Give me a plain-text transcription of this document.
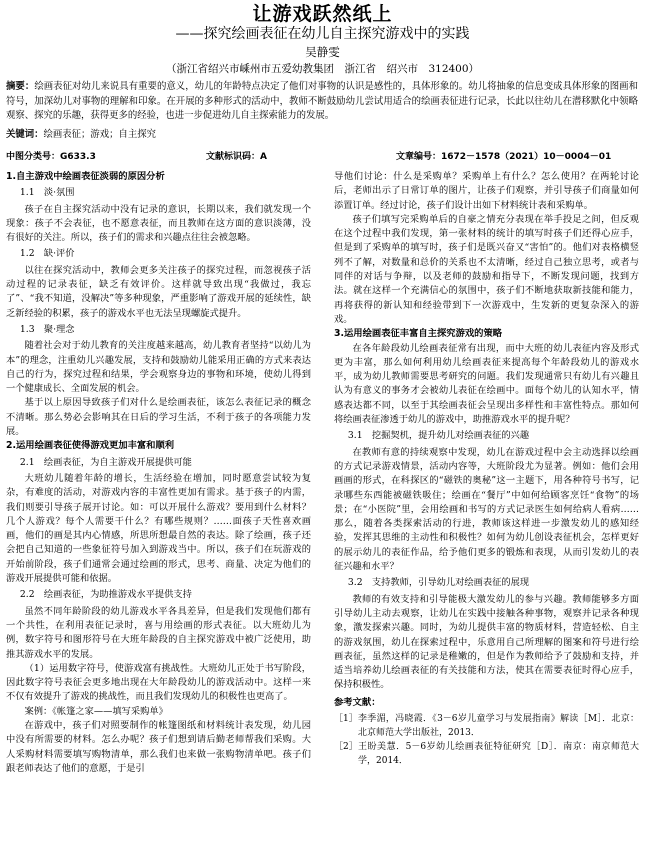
让游戏跃然纸上
——探究绘画表征在幼儿自主探究游戏中的实践
吴静雯
（浙江省绍兴市嵊州市五爱幼教集团　浙江省　绍兴市　312400）
摘要：绘画表征对幼儿来说具有重要的意义，幼儿的年龄特点决定了他们对事物的认识是感性的，具体形象的。幼儿将抽象的信息变成具体形象的图画和符号，加深幼儿对事物的理解和印象。在开展的多种形式的活动中，教师不断鼓励幼儿尝试用适合的绘画表征进行记录，长此以往幼儿在潜移默化中领略观察、探究的乐趣，获得更多的经验，也进一步促进幼儿自主探索能力的发展。
关键词：绘画表征；游戏；自主探究
中图分类号：G633.3	文献标识码：A	文章编号：1672－1578（2021）10－0004－01

1.自主游戏中绘画表征淡弱的原因分析

1.1　淡·氛围

孩子在自主探究活动中没有记录的意识，长期以来，我们就发现一个现象：孩子不会表征，也不愿意表征，而且教师在这方面的意识淡薄，没有很好的关注。所以，孩子们的需求和兴趣点往往会被忽略。

1.2　缺·评价

以往在探究活动中，教师会更多关注孩子的探究过程，而忽视孩子活动过程的记录表征，缺乏有效评价。这样就导致出现“我做过，我忘了”、“我不知道，没解决”等多种现象，严重影响了游戏开展的延续性，缺乏新经验的积累，孩子的游戏水平也无法呈现螺旋式提升。

1.3　聚·理念

随着社会对于幼儿教育的关注度越来越高，幼儿教育者坚持“以幼儿为本”的理念，注重幼儿兴趣发展，支持和鼓励幼儿能采用正确的方式来表达自己的行为，探究过程和结果，学会观察身边的事物和环境，使幼儿得到一个健康成长、全面发展的机会。

基于以上原因导致孩子们对什么是绘画表征，该怎么表征记录的概念不清晰。那么势必会影响其在日后的学习生活，不利于孩子的各项能力发展。

2.运用绘画表征使得游戏更加丰富和顺利

2.1　绘画表征，为自主游戏开展提供可能

大班幼儿随着年龄的增长，生活经验在增加，同时愿意尝试较为复杂，有难度的活动，对游戏内容的丰富性更加有需求。基于孩子的内需，我们则要引导孩子展开讨论。如：可以开展什么游戏？要用到什么材料？几个人游戏？每个人需要干什么？有哪些规则？……面孩子天性喜欢画画，他们的画是其内心情感，所思所想最自然的表达。除了绘画，孩子还会把自己知道的一些象征符号加入到游戏当中。所以，孩子们在玩游戏的开始前阶段，孩子们通常会通过绘画的形式，思考、商量、决定为他们的游戏开展提供可能和依据。

2.2　绘画表征，为助推游戏水平提供支持

虽然不同年龄阶段的幼儿游戏水平各具差异，但是我们发现他们都有一个共性，在利用表征记录时，喜与用绘画的形式表征。以大班幼儿为例，数字符号和图形符号在大班年龄段的自主探究游戏中被广泛使用，助推其游戏水平的发展。

（1）运用数字符号，使游戏富有挑战性。大班幼儿正处于书写阶段，因此数字符号表征会更多地出现在大年龄段幼儿的游戏活动中。这样一来不仅有效提升了游戏的挑战性，而且我们发现幼儿的积极性也更高了。

案例：《帐篷之家——填写采购单》

在游戏中，孩子们对照要制作的帐篷图纸和材料统计表发现，幼儿园中没有所需要的材料。怎么办呢？孩子们想到请后勤老师帮我们采购。大人采购材料需要填写购物清单，那么我们也来做一张购物清单吧。孩子们跟老师表达了他们的意愿，于是引

导他们讨论：什么是采购单？采购单上有什么？怎么使用？在两轮讨论后，老师出示了日常订单的图片，让孩子们观察，并引导孩子们商量如何添置订单。经过讨论，孩子们设计出如下材料统计表和采购单。

孩子们填写完采购单后的自豪之情充分表现在举手投足之间，但反观在这个过程中我们发现，第一张材料的统计的填写时孩子们还得心应手，但是到了采购单的填写时，孩子们是既兴奋又“害怕”的。他们对表格横竖列不了解，对数量和总价的关系也不太清晰，经过自己独立思考，或者与同伴的对话与争辩，以及老师的鼓励和指导下，不断发现问题，找到方法。就在这样一个充满信心的氛围中，孩子们不断地获取新技能和能力，再将获得的新认知和经验带到下一次游戏中，生发新的更复杂深入的游戏。

3.运用绘画表征丰富自主探究游戏的策略

在各年龄段幼儿绘画表征常有出现，而中大班的幼儿表征内容及形式更为丰富，那么如何利用幼儿绘画表征来提高每个年龄段幼儿的游戏水平，成为幼儿教师需要思考研究的问题。我们发现通常只有幼儿有兴趣且认为有意义的事务才会被幼儿表征在绘画中。面每个幼儿的认知水平，情感表达都不同，以至于其绘画表征会呈现出多样性和丰富性特点。那如何将绘画表征渗透于幼儿的游戏中，助推游戏水平的提升呢？

3.1　挖掘契机，提升幼儿对绘画表征的兴趣

在教师有意的持续观察中发现，幼儿在游戏过程中会主动选择以绘画的方式记录游戏情景，活动内容等，大班阶段尤为显著。例如：他们会用画画的形式，在科探区的“磁铁的奥秘”这一主题下，用各种符号书写，记录哪些东西能被磁铁吸住；绘画在“餐厅”中如何给顾客烹饪“食物”的场景；在“小医院”里，会用绘画和书写的方式记录医生如何给病人看病……那么，随着各类探索活动的行进，教师该这样进一步激发幼儿的感知经验，发挥其思维的主动性和积极性？如何为幼儿创设表征机会，怎样更好的展示幼儿的表征作品，给予他们更多的锻炼和表现，从而引发幼儿的表征兴趣和水平？

3.2　支持教师，引导幼儿对绘画表征的展现

教师的有效支持和引导能极大激发幼儿的参与兴趣。教师能够多方面引导幼儿主动去观察，让幼儿在实践中接触各种事物，观察并记录各种现象，激发探索兴趣。同时，为幼儿提供丰富的物质材料，营造轻松、自主的游戏氛围，幼儿在探索过程中，乐意用自己所理解的图案和符号进行绘画表征，虽然这样的记录是稚嫩的，但是作为教师给予了鼓励和支持，并适当培养幼儿绘画表征的有关技能和方法，使其在需要表征时得心应手，保持积极性。

参考文献：
［1］ 李季湄，冯晓霞．《3－6岁儿童学习与发展指南》解读［M］．北京：北京师范大学出版社，2013．
［2］ 王盼美慧．5－6岁幼儿绘画表征特征研究［D］．南京：南京师范大学，2014．
